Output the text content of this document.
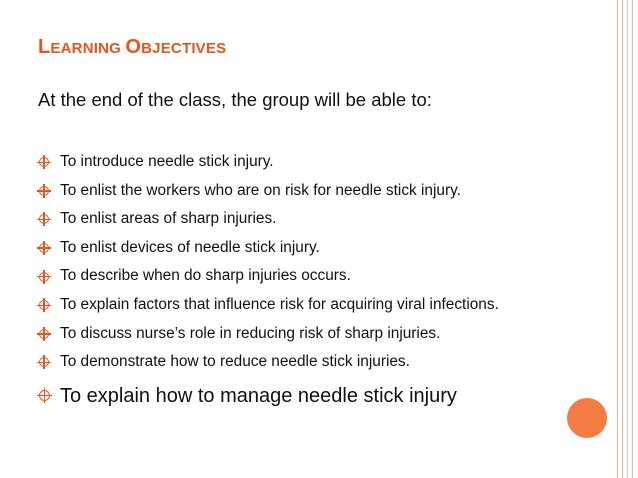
LEARNING OBJECTIVES

At the end of the class, the group will be able to:

To introduce needle stick injury.
To enlist the workers who are on risk for needle stick injury.
To enlist areas of sharp injuries.
To enlist devices of needle stick injury.
To describe when do sharp injuries occurs.
To explain factors that influence risk for acquiring viral infections.
To discuss nurse’s role in reducing risk of sharp injuries.
To demonstrate how to reduce needle stick injuries.
To explain how to manage needle stick injury
